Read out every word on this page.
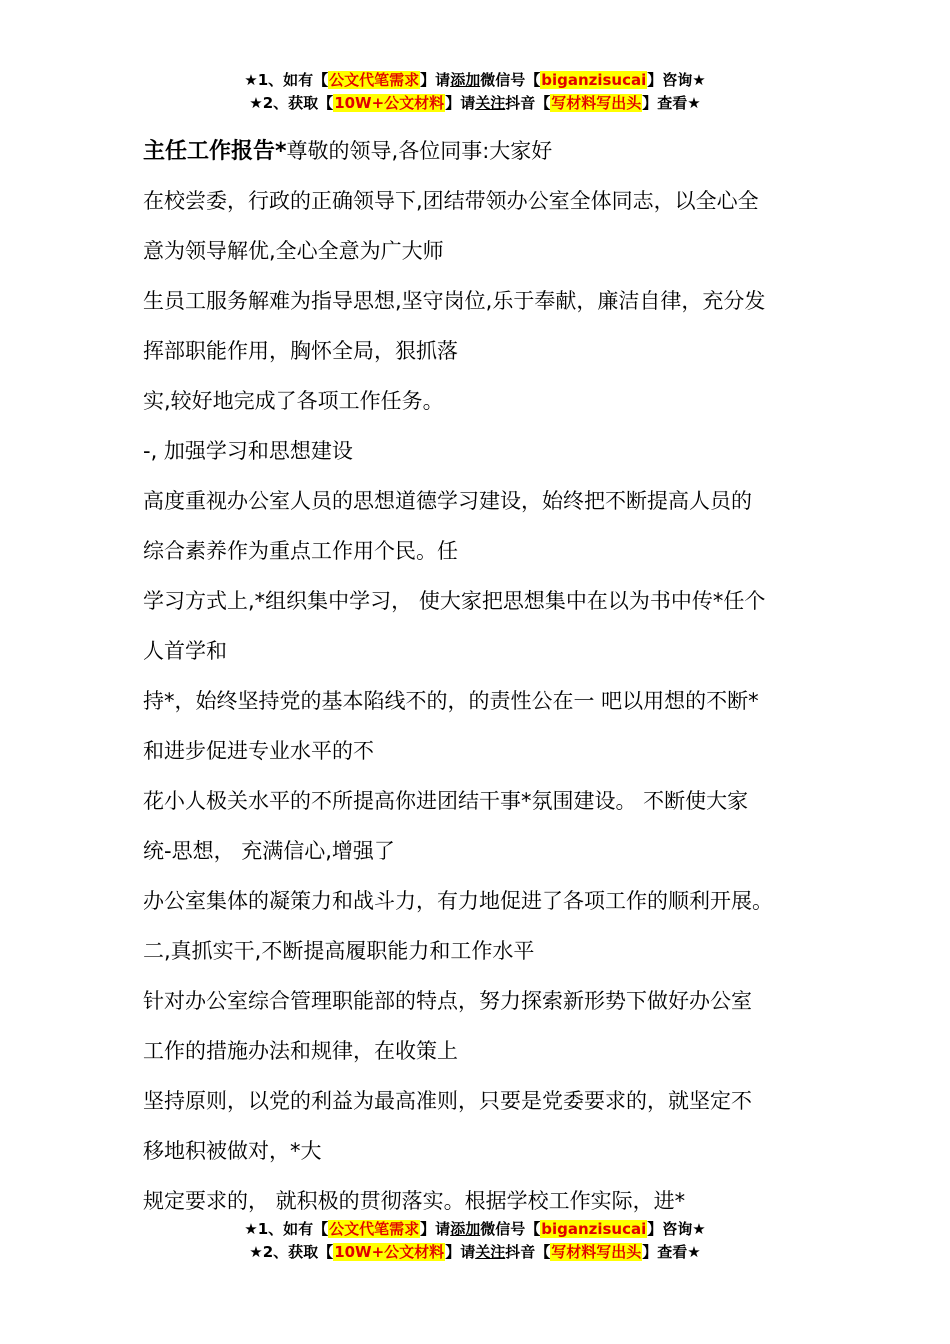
★1、如有【公文代笔需求】请添加微信号【biganzisucai】咨询★
★2、获取【10W+公文材料】请关注抖音【写材料写出头】查看★
主任工作报告*尊敬的领导,各位同事:大家好
在校尝委，行政的正确领导下,团结带领办公室全体同志，以全心全
意为领导解优,全心全意为广大师
生员工服务解难为指导思想,坚守岗位,乐于奉献，廉洁自律，充分发
挥部职能作用，胸怀全局，狠抓落
实,较好地完成了各项工作任务。
-, 加强学习和思想建设
高度重视办公室人员的思想道德学习建设，始终把不断提高人员的
综合素养作为重点工作用个民。任
学习方式上,*组织集中学习， 使大家把思想集中在以为书中传*任个
人首学和
持*，始终坚持党的基本陷线不的，的责性公在一 吧以用想的不断*
和进步促进专业水平的不
花小人极关水平的不所提高你进团结干事*氛围建设。 不断使大家
统-思想， 充满信心,增强了
办公室集体的凝策力和战斗力，有力地促进了各项工作的顺利开展。
二,真抓实干,不断提高履职能力和工作水平
针对办公室综合管理职能部的特点，努力探索新形势下做好办公室
工作的措施办法和规律，在收策上
坚持原则，以党的利益为最高准则，只要是党委要求的，就坚定不
移地积被做对，*大
规定要求的， 就积极的贯彻落实。根据学校工作实际，进*
★1、如有【公文代笔需求】请添加微信号【biganzisucai】咨询★
★2、获取【10W+公文材料】请关注抖音【写材料写出头】查看★
